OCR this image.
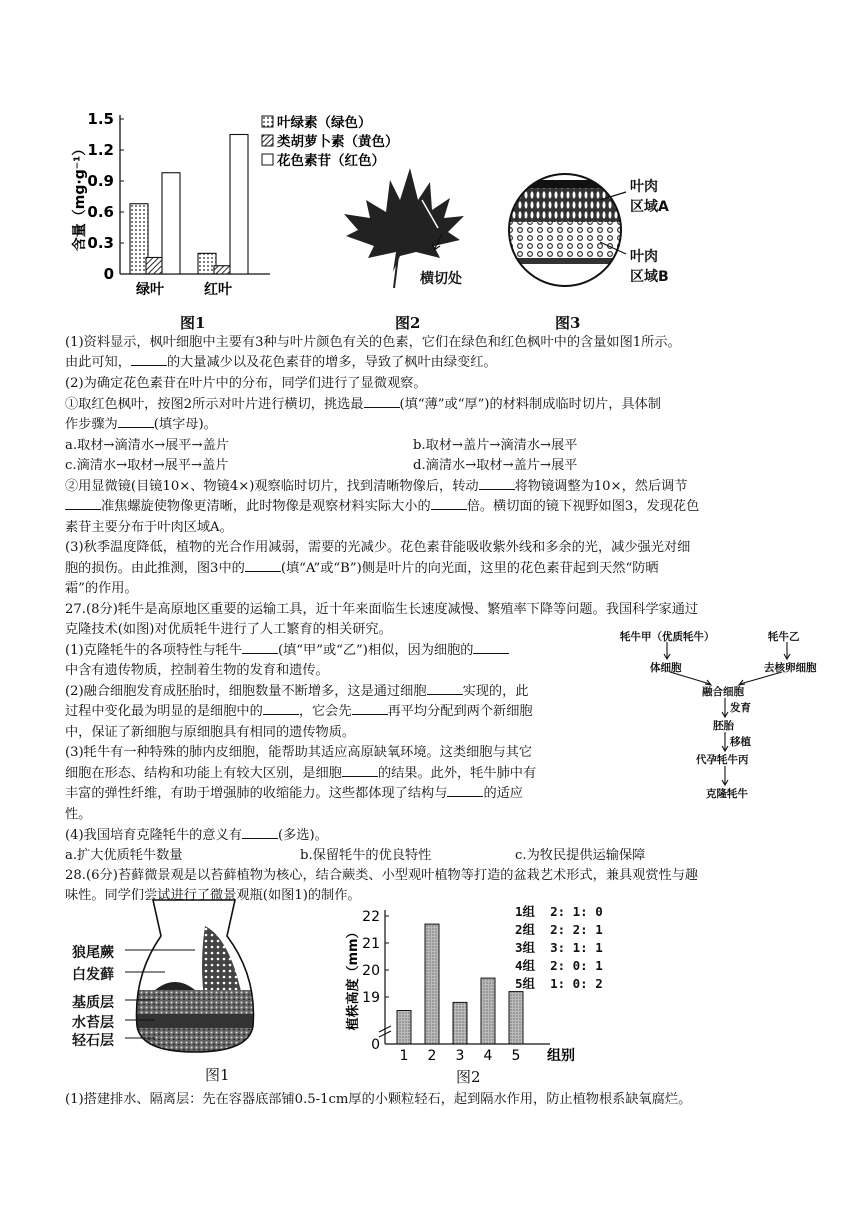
0
0.3
0.6
0.9
1.2
1.5
含量（mg·g⁻¹）
绿叶	红叶
叶绿素（绿色）
类胡萝卜素（黄色）
花色素苷（红色）
图1
横切处
图2
叶肉
区域A
叶肉
区域B
图3
(1)资料显示，枫叶细胞中主要有3种与叶片颜色有关的色素，它们在绿色和红色枫叶中的含量如图1所示。
由此可知，	的大量减少以及花色素苷的增多，导致了枫叶由绿变红。
(2)为确定花色素苷在叶片中的分布，同学们进行了显微观察。
①取红色枫叶，按图2所示对叶片进行横切，挑选最	(填“薄”或“厚”)的材料制成临时切片，具体制
作步骤为	(填字母)。
a.取材→滴清水→展平→盖片	b.取材→盖片→滴清水→展平
c.滴清水→取材→展平→盖片	d.滴清水→取材→盖片→展平
②用显微镜(目镜10×、物镜4×)观察临时切片，找到清晰物像后，转动	将物镜调整为10×，然后调节
准焦螺旋使物像更清晰，此时物像是观察材料实际大小的	倍。横切面的镜下视野如图3，发现花色
素苷主要分布于叶肉区域A。
(3)秋季温度降低，植物的光合作用减弱，需要的光减少。花色素苷能吸收紫外线和多余的光，减少强光对细
胞的损伤。由此推测，图3中的	(填“A”或“B”)侧是叶片的向光面，这里的花色素苷起到天然“防晒
霜”的作用。
27.(8分)牦牛是高原地区重要的运输工具，近十年来面临生长速度减慢、繁殖率下降等问题。我国科学家通过
克隆技术(如图)对优质牦牛进行了人工繁育的相关研究。
(1)克隆牦牛的各项特性与牦牛	(填“甲”或“乙”)相似，因为细胞的
中含有遗传物质，控制着生物的发育和遗传。
(2)融合细胞发育成胚胎时，细胞数量不断增多，这是通过细胞	实现的，此
过程中变化最为明显的是细胞中的	，它会先	再平均分配到两个新细胞
中，保证了新细胞与原细胞具有相同的遗传物质。
(3)牦牛有一种特殊的肺内皮细胞，能帮助其适应高原缺氧环境。这类细胞与其它
细胞在形态、结构和功能上有较大区别，是细胞	的结果。此外，牦牛肺中有
丰富的弹性纤维，有助于增强肺的收缩能力。这些都体现了结构与	的适应
性。
(4)我国培育克隆牦牛的意义有	(多选)。
a.扩大优质牦牛数量	b.保留牦牛的优良特性	c.为牧民提供运输保障
牦牛甲（优质牦牛）	牦牛乙
体细胞	去核卵细胞
融合细胞
发育
胚胎
移植
代孕牦牛丙
克隆牦牛
28.(6分)苔藓微景观是以苔藓植物为核心，结合蕨类、小型观叶植物等打造的盆栽艺术形式，兼具观赏性与趣
味性。同学们尝试进行了微景观瓶(如图1)的制作。
狼尾蕨
白发藓
基质层
水苔层
轻石层
图1
0
19
20
21
22
植株高度（mm）
1 2 3 4 5 组别
图2
1组  2: 1: 0
2组  2: 2: 1
3组  3: 1: 1
4组  2: 0: 1
5组  1: 0: 2
(1)搭建排水、隔离层：先在容器底部铺0.5-1cm厚的小颗粒轻石，起到隔水作用，防止植物根系缺氧腐烂。
